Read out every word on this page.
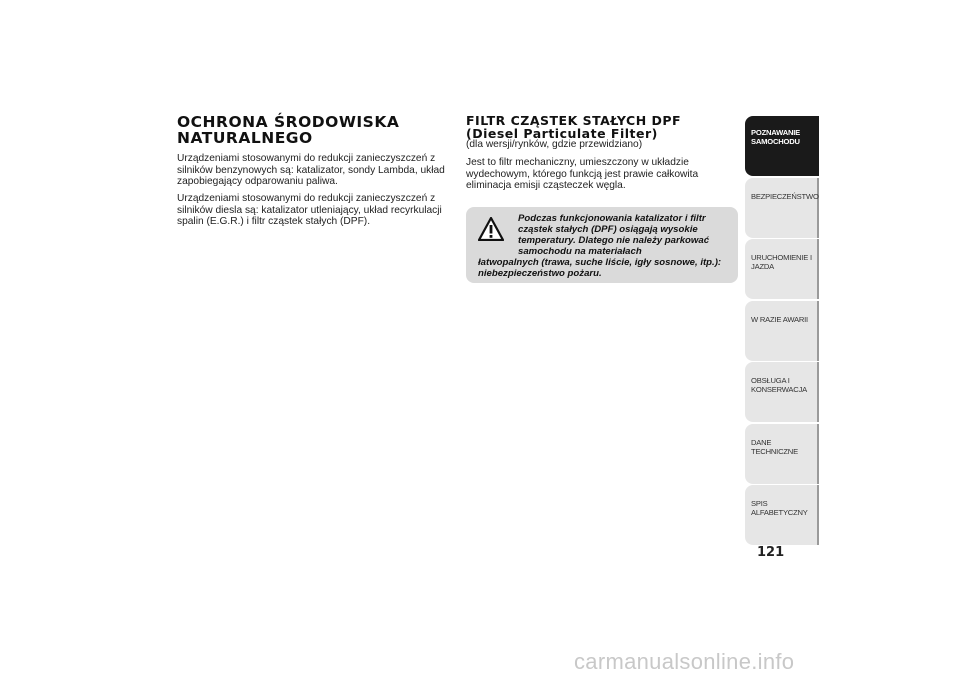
OCHRONA ŚRODOWISKA NATURALNEGO

Urządzeniami stosowanymi do redukcji zanieczyszczeń z silników benzynowych są: katalizator, sondy Lambda, układ zapobiegający odparowaniu paliwa.

Urządzeniami stosowanymi do redukcji zanieczyszczeń z silników diesla są: katalizator utleniający, układ recyrkulacji spalin (E.G.R.) i filtr cząstek stałych (DPF).

FILTR CZĄSTEK STAŁYCH DPF
(Diesel Particulate Filter)

(dla wersji/rynków, gdzie przewidziano)

Jest to filtr mechaniczny, umieszczony w układzie wydechowym, którego funkcją jest prawie całkowita eliminacja emisji cząsteczek węgla.

Podczas funkcjonowania katalizator i filtr cząstek stałych (DPF) osiągają wysokie temperatury. Dlatego nie należy parkować samochodu na materiałach
łatwopalnych (trawa, suche liście, igły sosnowe, itp.): niebezpieczeństwo pożaru.

POZNAWANIE SAMOCHODU
BEZPIECZEŃSTWO
URUCHOMIENIE I JAZDA
W RAZIE AWARII
OBSŁUGA I KONSERWACJA
DANE TECHNICZNE
SPIS ALFABETYCZNY
121
carmanualsonline.info
